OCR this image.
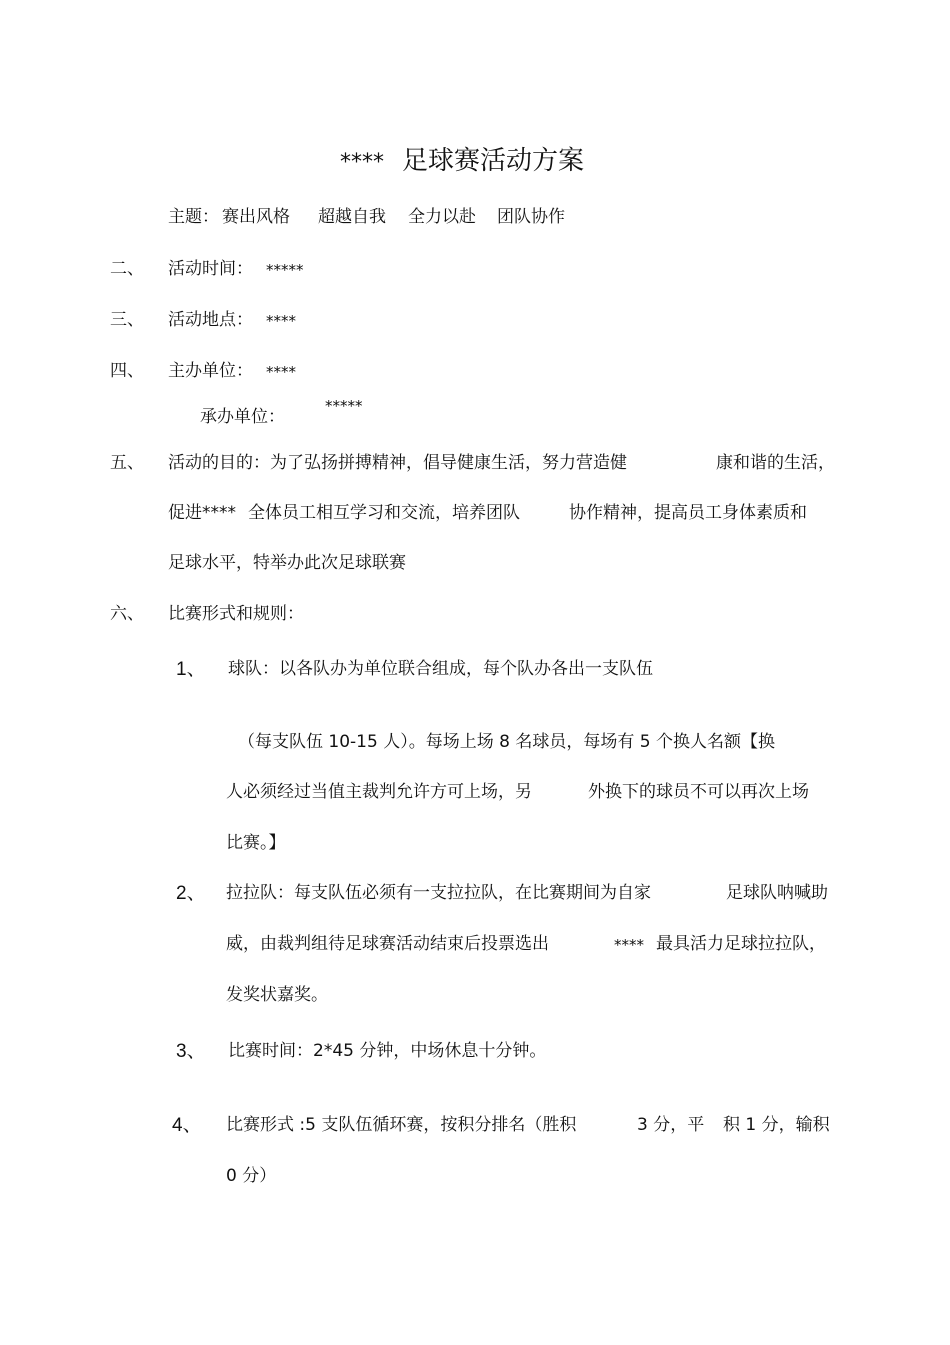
**** 足球赛活动方案
主题： 赛出风格 超越自我 全力以赴 团队协作
二、 活动时间： *****
三、 活动地点： ****
四、 主办单位： ****
承办单位：
*****
五、 活动的目的：为了弘扬拼搏精神，倡导健康生活，努力营造健	康和谐的生活，
促进**** 全体员工相互学习和交流，培养团队	协作精神，提高员工身体素质和
足球水平，特举办此次足球联赛
六、 比赛形式和规则：
1、 球队：以各队办为单位联合组成，每个队办各出一支队伍
（每支队伍 10-15 人）。每场上场 8 名球员，每场有 5 个换人名额【换
人必须经过当值主裁判允许方可上场，另	外换下的球员不可以再次上场
比赛。】
2、 拉拉队：每支队伍必须有一支拉拉队，在比赛期间为自家	足球队呐喊助
威，由裁判组待足球赛活动结束后投票选出	**** 最具活力足球拉拉队，
发奖状嘉奖。
3、 比赛时间：2*45 分钟，中场休息十分钟。
4、 比赛形式 :5 支队伍循环赛，按积分排名（胜积	3 分，平 积 1 分，输积
0 分）
